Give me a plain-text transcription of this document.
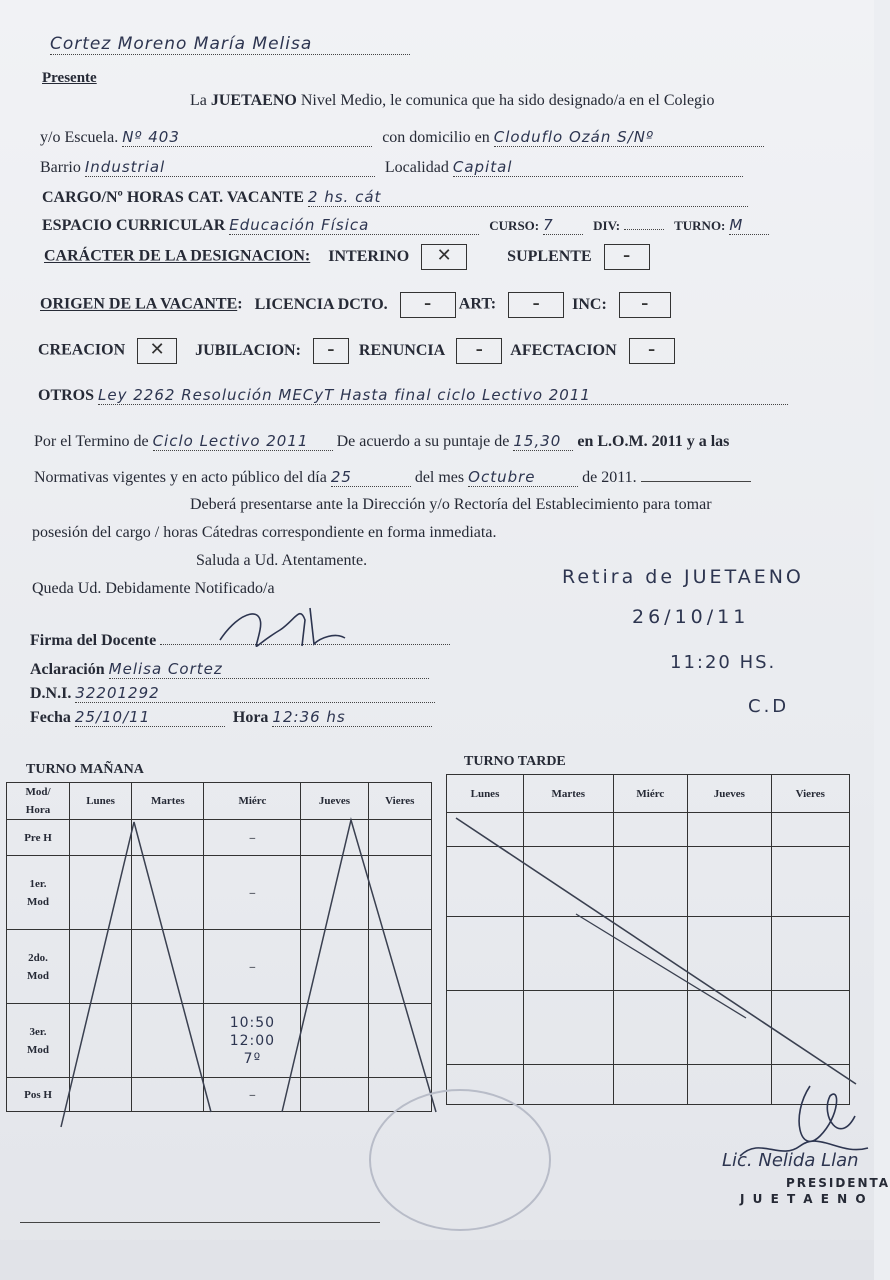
Cortez Moreno María Melisa
Presente
La JUETAENO Nivel Medio, le comunica que ha sido designado/a en el Colegio
y/o Escuela. Nº 403	con domicilio en Cloduflo Ozán S/Nº
Barrio Industrial	Localidad Capital
CARGO/Nº HORAS CAT. VACANTE 2 hs. cát
ESPACIO CURRICULAR Educación Física	CURSO: 7	DIV:	TURNO: M
CARÁCTER DE LA DESIGNACION: INTERINO ✕	SUPLENTE –
ORIGEN DE LA VACANTE: LICENCIA DCTO.	– ART:	– INC: –
CREACION ✕ JUBILACION: – RENUNCIA – AFECTACION –
OTROS Ley 2262 Resolución MECyT Hasta final ciclo Lectivo 2011
Por el Termino de Ciclo Lectivo 2011 De acuerdo a su puntaje de 15,30 en L.O.M. 2011 y a las
Normativas vigentes y en acto público del día 25	del mes Octubre	de 2011.
Deberá presentarse ante la Dirección y/o Rectoría del Establecimiento para tomar
posesión del cargo / horas Cátedras correspondiente en forma inmediata.
Saluda a Ud. Atentamente.
Queda Ud. Debidamente Notificado/a
Firma del Docente
Aclaración Melisa Cortez
D.N.I. 32201292
Fecha 25/10/11	Hora 12:36 hs
Retira de JUETAENO
26/10/11
11:20 HS.
C.D
TURNO MAÑANA
Mod/
Hora	Lunes	Martes	Miérc	Jueves	Vieres
Pre H			–		
1er.
Mod			–		
2do.
Mod			–		
3er.
Mod			10:50
12:00
7º		
Pos H			–		
TURNO TARDE
Lunes	Martes	Miérc	Jueves	Vieres

Lic. Nelida Llan
PRESIDENTA
J U E T A E N O
